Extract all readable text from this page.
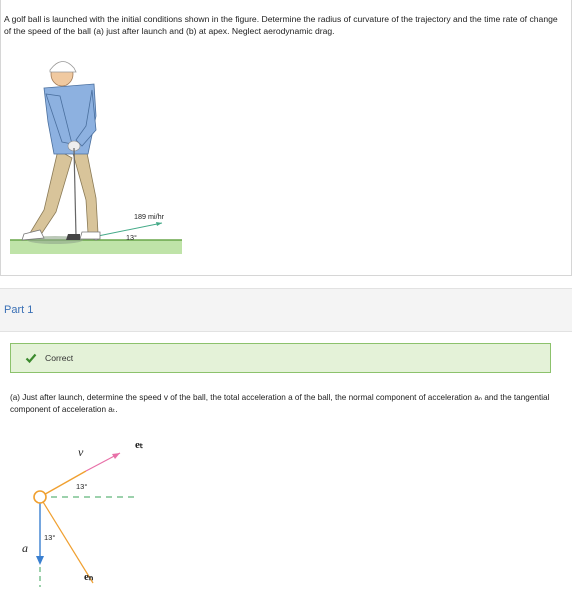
A golf ball is launched with the initial conditions shown in the figure. Determine the radius of curvature of the trajectory and the time rate of change of the speed of the ball (a) just after launch and (b) at apex. Neglect aerodynamic drag.
189 mi/hr
13°
Part 1
Correct
(a) Just after launch, determine the speed v of the ball, the total acceleration a of the ball, the normal component of acceleration aₙ and the tangential component of acceleration aₜ.
v	eₜ
13°
13°
a
eₙ
